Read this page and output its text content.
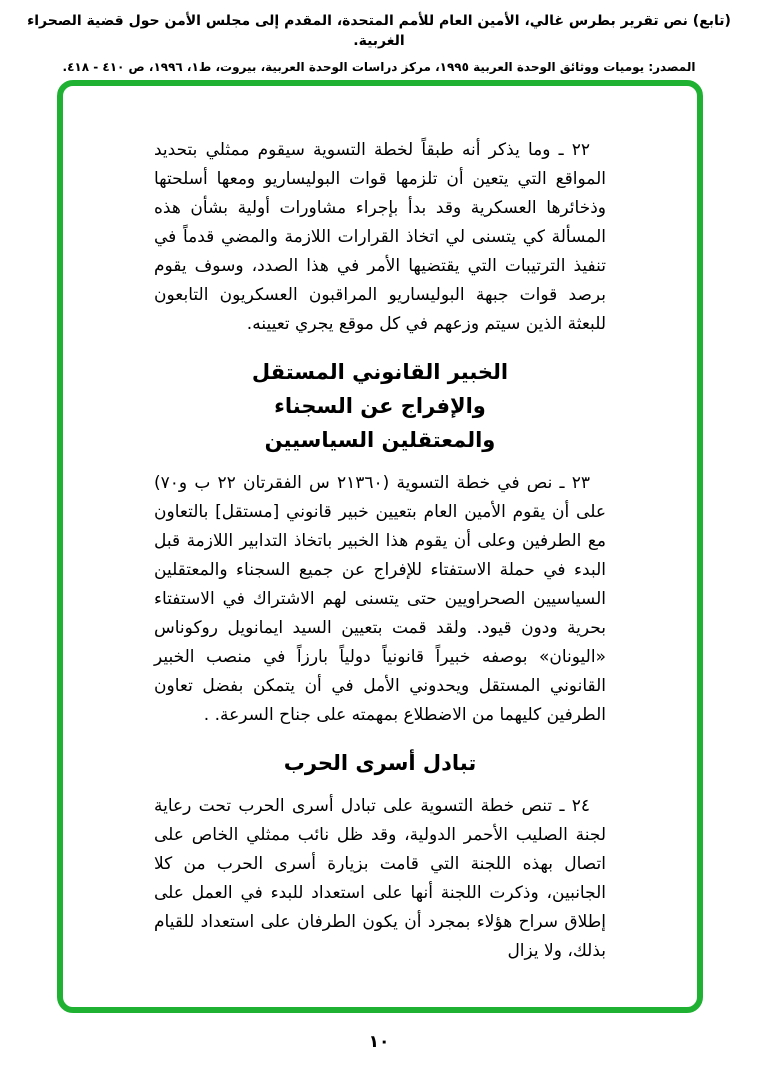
(تابع) نص تقرير بطرس غالي، الأمين العام للأمم المتحدة، المقدم إلى مجلس الأمن حول قضية الصحراء الغربية.
المصدر: يوميات ووثائق الوحدة العربية ١٩٩٥، مركز دراسات الوحدة العربية، بيروت، ط١، ١٩٩٦، ص ٤١٠ - ٤١٨.

٢٢ ـ وما يذكر أنه طبقاً لخطة التسوية سيقوم ممثلي بتحديد المواقع التي يتعين أن تلزمها قوات البوليساريو ومعها أسلحتها وذخائرها العسكرية وقد بدأ بإجراء مشاورات أولية بشأن هذه المسألة كي يتسنى لي اتخاذ القرارات اللازمة والمضي قدماً في تنفيذ الترتيبات التي يقتضيها الأمر في هذا الصدد، وسوف يقوم برصد قوات جبهة البوليساريو المراقبون العسكريون التابعون للبعثة الذين سيتم وزعهم في كل موقع يجري تعيينه.

الخبير القانوني المستقل
والإفراج عن السجناء
والمعتقلين السياسيين

٢٣ ـ نص في خطة التسوية (٢١٣٦٠ س الفقرتان ٢٢ ب و٧٠) على أن يقوم الأمين العام بتعيين خبير قانوني [مستقل] بالتعاون مع الطرفين وعلى أن يقوم هذا الخبير باتخاذ التدابير اللازمة قبل البدء في حملة الاستفتاء للإفراج عن جميع السجناء والمعتقلين السياسيين الصحراويين حتى يتسنى لهم الاشتراك في الاستفتاء بحرية ودون قيود. ولقد قمت بتعيين السيد ايمانويل روكوناس «اليونان» بوصفه خبيراً قانونياً دولياً بارزاً في منصب الخبير القانوني المستقل ويحدوني الأمل في أن يتمكن بفضل تعاون الطرفين كليهما من الاضطلاع بمهمته على جناح السرعة. .

تبادل أسرى الحرب

٢٤ ـ تنص خطة التسوية على تبادل أسرى الحرب تحت رعاية لجنة الصليب الأحمر الدولية، وقد ظل نائب ممثلي الخاص على اتصال بهذه اللجنة التي قامت بزيارة أسرى الحرب من كلا الجانبين، وذكرت اللجنة أنها على استعداد للبدء في العمل على إطلاق سراح هؤلاء بمجرد أن يكون الطرفان على استعداد للقيام بذلك، ولا يزال

١٠
